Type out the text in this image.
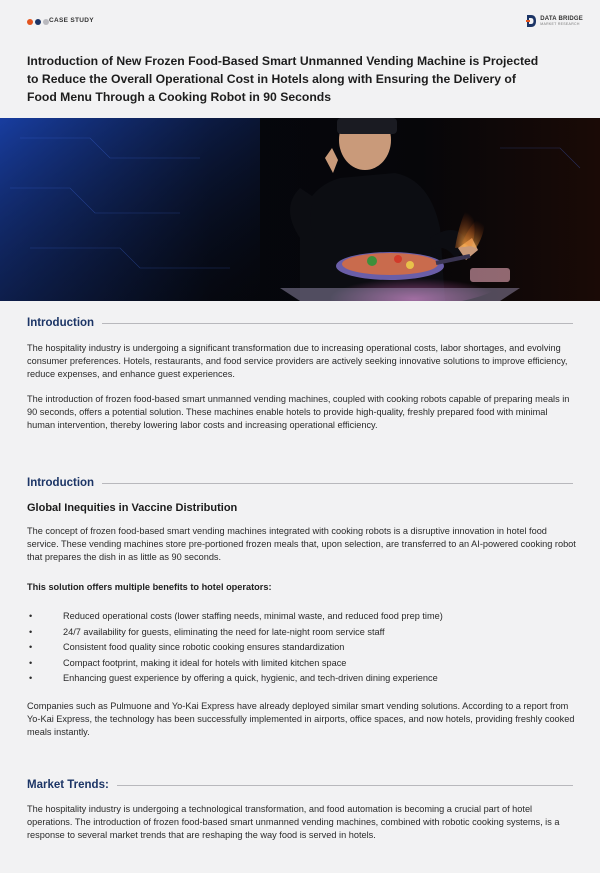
CASE STUDY	DATA BRIDGE
MARKET RESEARCH
Introduction of New Frozen Food-Based Smart Unmanned Vending Machine is Projected to Reduce the Overall Operational Cost in Hotels along with Ensuring the Delivery of Food Menu Through a Cooking Robot in 90 Seconds
Introduction

The hospitality industry is undergoing a significant transformation due to increasing operational costs, labor shortages, and evolving consumer preferences. Hotels, restaurants, and food service providers are actively seeking innovative solutions to improve efficiency, reduce expenses, and enhance guest experiences.

The introduction of frozen food-based smart unmanned vending machines, coupled with cooking robots capable of preparing meals in 90 seconds, offers a potential solution. These machines enable hotels to provide high-quality, freshly prepared food with minimal human intervention, thereby lowering labor costs and increasing operational efficiency.

Introduction
Global Inequities in Vaccine Distribution

The concept of frozen food-based smart vending machines integrated with cooking robots is a disruptive innovation in hotel food service. These vending machines store pre-portioned frozen meals that, upon selection, are transferred to an AI-powered cooking robot that prepares the dish in as little as 90 seconds.

This solution offers multiple benefits to hotel operators:
•	Reduced operational costs (lower staffing needs, minimal waste, and reduced food prep time)
•	24/7 availability for guests, eliminating the need for late-night room service staff
•	Consistent food quality since robotic cooking ensures standardization
•	Compact footprint, making it ideal for hotels with limited kitchen space
•	Enhancing guest experience by offering a quick, hygienic, and tech-driven dining experience

Companies such as Pulmuone and Yo-Kai Express have already deployed similar smart vending solutions. According to a report from Yo-Kai Express, the technology has been successfully implemented in airports, office spaces, and now hotels, providing freshly cooked meals instantly.

Market Trends:

The hospitality industry is undergoing a technological transformation, and food automation is becoming a crucial part of hotel operations. The introduction of frozen food-based smart unmanned vending machines, combined with robotic cooking systems, is a response to several market trends that are reshaping the way food is served in hotels.
